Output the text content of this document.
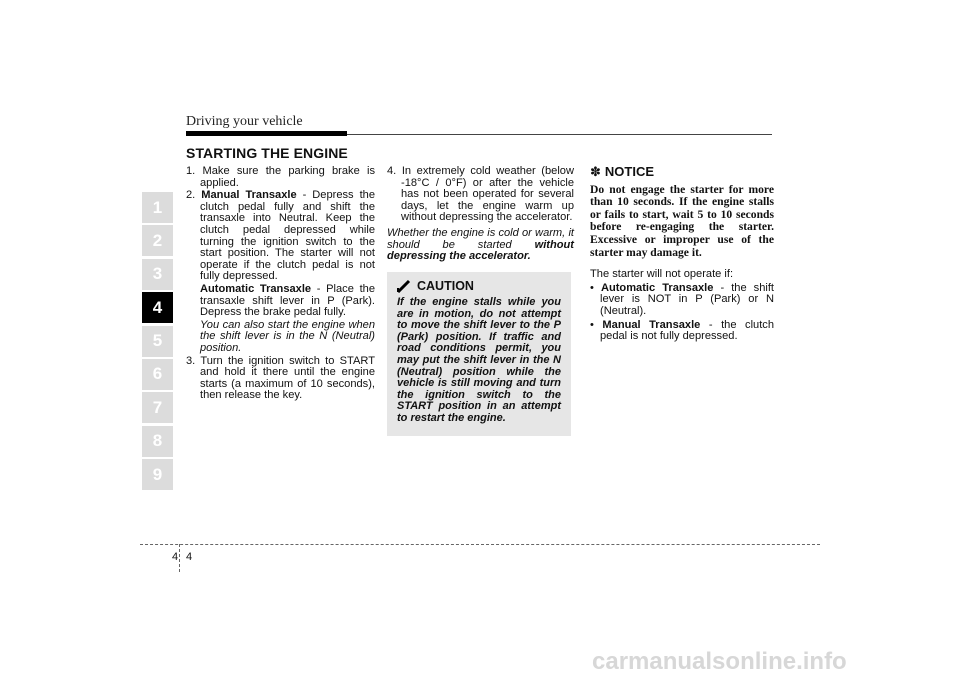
Driving your vehicle
STARTING THE ENGINE
1
2
3
4
5
6
7
8
9

1. Make sure the parking brake is applied.

2. Manual Transaxle - Depress the clutch pedal fully and shift the transaxle into Neutral. Keep the clutch pedal depressed while turning the ignition switch to the start position. The starter will not operate if the clutch pedal is not fully depressed.

Automatic Transaxle - Place the transaxle shift lever in P (Park). Depress the brake pedal fully.

You can also start the engine when the shift lever is in the N (Neutral) position.

3. Turn the ignition switch to START and hold it there until the engine starts (a maximum of 10 seconds), then release the key.

4. In extremely cold weather (below -18°C / 0°F) or after the vehicle has not been operated for several days, let the engine warm up without depressing the accelerator.

Whether the engine is cold or warm, it should be started without depressing the accelerator.

CAUTION
If the engine stalls while you are in motion, do not attempt to move the shift lever to the P (Park) position. If traffic and road conditions permit, you may put the shift lever in the N (Neutral) position while the vehicle is still moving and turn the ignition switch to the START position in an attempt to restart the engine.
✽ NOTICE
Do not engage the starter for more than 10 seconds. If the engine stalls or fails to start, wait 5 to 10 seconds before re-engaging the starter. Excessive or improper use of the starter may damage it.
The starter will not operate if:
• Automatic Transaxle - the shift lever is NOT in P (Park) or N (Neutral).
• Manual Transaxle - the clutch pedal is not fully depressed.
4 4
carmanualsonline.info
